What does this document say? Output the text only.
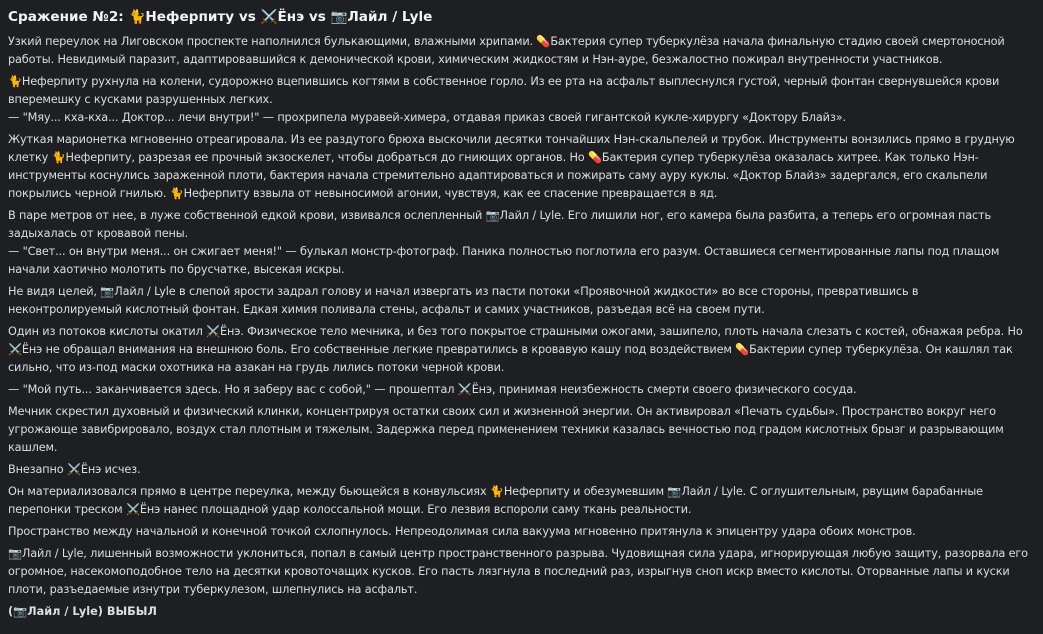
Сражение №2: 🐈Неферпиту vs ⚔️Ёнэ vs 📷Лайл / Lyle
Узкий переулок на Лиговском проспекте наполнился булькающими, влажными хрипами. 💊Бактерия супер туберкулёза начала финальную стадию своей смертоносной работы. Невидимый паразит, адаптировавшийся к демонической крови, химическим жидкостям и Нэн-ауре, безжалостно пожирал внутренности участников.
🐈Неферпиту рухнула на колени, судорожно вцепившись когтями в собственное горло. Из ее рта на асфальт выплеснулся густой, черный фонтан свернувшейся крови вперемешку с кусками разрушенных легких.
— "Мяу... кха-кха... Доктор... лечи внутри!" — прохрипела муравей-химера, отдавая приказ своей гигантской кукле-хирургу «Доктору Блайз».
Жуткая марионетка мгновенно отреагировала. Из ее раздутого брюха выскочили десятки тончайших Нэн-скальпелей и трубок. Инструменты вонзились прямо в грудную клетку 🐈Неферпиту, разрезая ее прочный экзоскелет, чтобы добраться до гниющих органов. Но 💊Бактерия супер туберкулёза оказалась хитрее. Как только Нэн-инструменты коснулись зараженной плоти, бактерия начала стремительно адаптироваться и пожирать саму ауру куклы. «Доктор Блайз» задергался, его скальпели покрылись черной гнилью. 🐈Неферпиту взвыла от невыносимой агонии, чувствуя, как ее спасение превращается в яд.
В паре метров от нее, в луже собственной едкой крови, извивался ослепленный 📷Лайл / Lyle. Его лишили ног, его камера была разбита, а теперь его огромная пасть задыхалась от кровавой пены.
— "Свет... он внутри меня... он сжигает меня!" — булькал монстр-фотограф. Паника полностью поглотила его разум. Оставшиеся сегментированные лапы под плащом начали хаотично молотить по брусчатке, высекая искры.
Не видя целей, 📷Лайл / Lyle в слепой ярости задрал голову и начал извергать из пасти потоки «Проявочной жидкости» во все стороны, превратившись в неконтролируемый кислотный фонтан. Едкая химия поливала стены, асфальт и самих участников, разъедая всё на своем пути.
Один из потоков кислоты окатил ⚔️Ёнэ. Физическое тело мечника, и без того покрытое страшными ожогами, зашипело, плоть начала слезать с костей, обнажая ребра. Но ⚔️Ёнэ не обращал внимания на внешнюю боль. Его собственные легкие превратились в кровавую кашу под воздействием 💊Бактерии супер туберкулёза. Он кашлял так сильно, что из-под маски охотника на азакан на грудь лились потоки черной крови.
— "Мой путь... заканчивается здесь. Но я заберу вас с собой," — прошептал ⚔️Ёнэ, принимая неизбежность смерти своего физического сосуда.
Мечник скрестил духовный и физический клинки, концентрируя остатки своих сил и жизненной энергии. Он активировал «Печать судьбы». Пространство вокруг него угрожающе завибрировало, воздух стал плотным и тяжелым. Задержка перед применением техники казалась вечностью под градом кислотных брызг и разрывающим кашлем.
Внезапно ⚔️Ёнэ исчез.
Он материализовался прямо в центре переулка, между бьющейся в конвульсиях 🐈Неферпиту и обезумевшим 📷Лайл / Lyle. С оглушительным, рвущим барабанные перепонки треском ⚔️Ёнэ нанес площадной удар колоссальной мощи. Его лезвия вспороли саму ткань реальности.
Пространство между начальной и конечной точкой схлопнулось. Непреодолимая сила вакуума мгновенно притянула к эпицентру удара обоих монстров.
📷Лайл / Lyle, лишенный возможности уклониться, попал в самый центр пространственного разрыва. Чудовищная сила удара, игнорирующая любую защиту, разорвала его огромное, насекомоподобное тело на десятки кровоточащих кусков. Его пасть лязгнула в последний раз, изрыгнув сноп искр вместо кислоты. Оторванные лапы и куски плоти, разъедаемые изнутри туберкулезом, шлепнулись на асфальт.
(📷Лайл / Lyle) ВЫБЫЛ
